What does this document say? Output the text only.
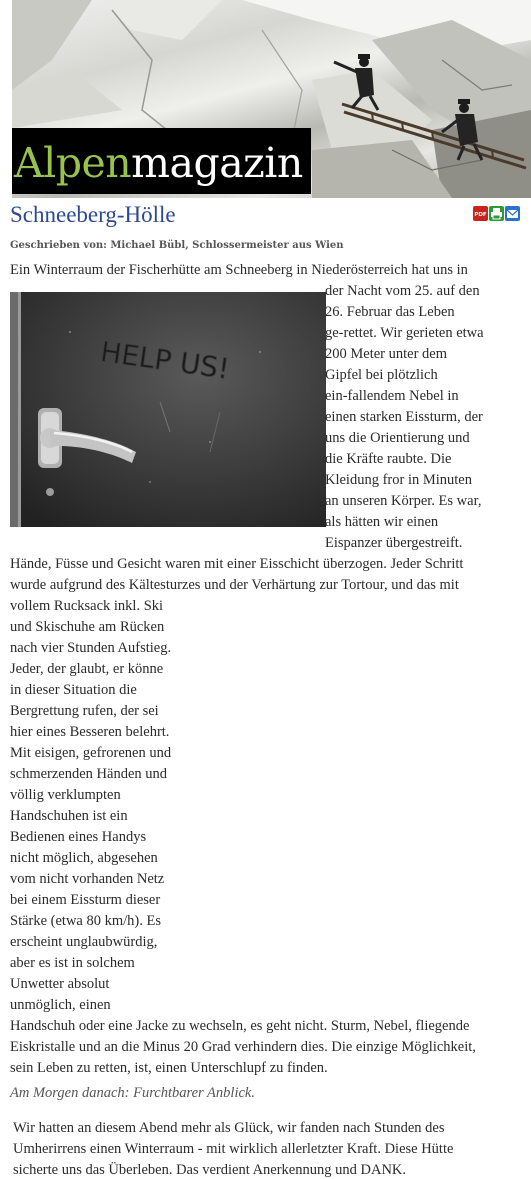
Alpenmagazin
Schneeberg-Hölle	PDF
Geschrieben von: Michael Bübl, Schlossermeister aus Wien
HELP US!
Ein Winterraum der Fischerhütte am Schneeberg in Niederösterreich hat uns in
der Nacht vom 25. auf den
26. Februar das Leben
ge-rettet. Wir gerieten etwa
200 Meter unter dem
Gipfel bei plötzlich
ein-fallendem Nebel in
einen starken Eissturm, der
uns die Orientierung und
die Kräfte raubte. Die
Kleidung fror in Minuten
an unseren Körper. Es war,
als hätten wir einen
Eispanzer übergestreift.
Hände, Füsse und Gesicht waren mit einer Eisschicht überzogen. Jeder Schritt
wurde aufgrund des Kältesturzes und der Verhärtung zur Tortour, und das mit
vollem Rucksack inkl. Ski
und Skischuhe am Rücken
nach vier Stunden Aufstieg.
Jeder, der glaubt, er könne
in dieser Situation die
Bergrettung rufen, der sei
hier eines Besseren belehrt.
Mit eisigen, gefrorenen und
schmerzenden Händen und
völlig verklumpten
Handschuhen ist ein
Bedienen eines Handys
nicht möglich, abgesehen
vom nicht vorhanden Netz
bei einem Eissturm dieser
Stärke (etwa 80 km/h). Es
erscheint unglaubwürdig,
aber es ist in solchem
Unwetter absolut
unmöglich, einen
Handschuh oder eine Jacke zu wechseln, es geht nicht. Sturm, Nebel, fliegende
Eiskristalle und an die Minus 20 Grad verhindern dies. Die einzige Möglichkeit,
sein Leben zu retten, ist, einen Unterschlupf zu finden.
Am Morgen danach: Furchtbarer Anblick.
Wir hatten an diesem Abend mehr als Glück, wir fanden nach Stunden des
Umherirrens einen Winterraum - mit wirklich allerletzter Kraft. Diese Hütte
sicherte uns das Überleben. Das verdient Anerkennung und DANK.
